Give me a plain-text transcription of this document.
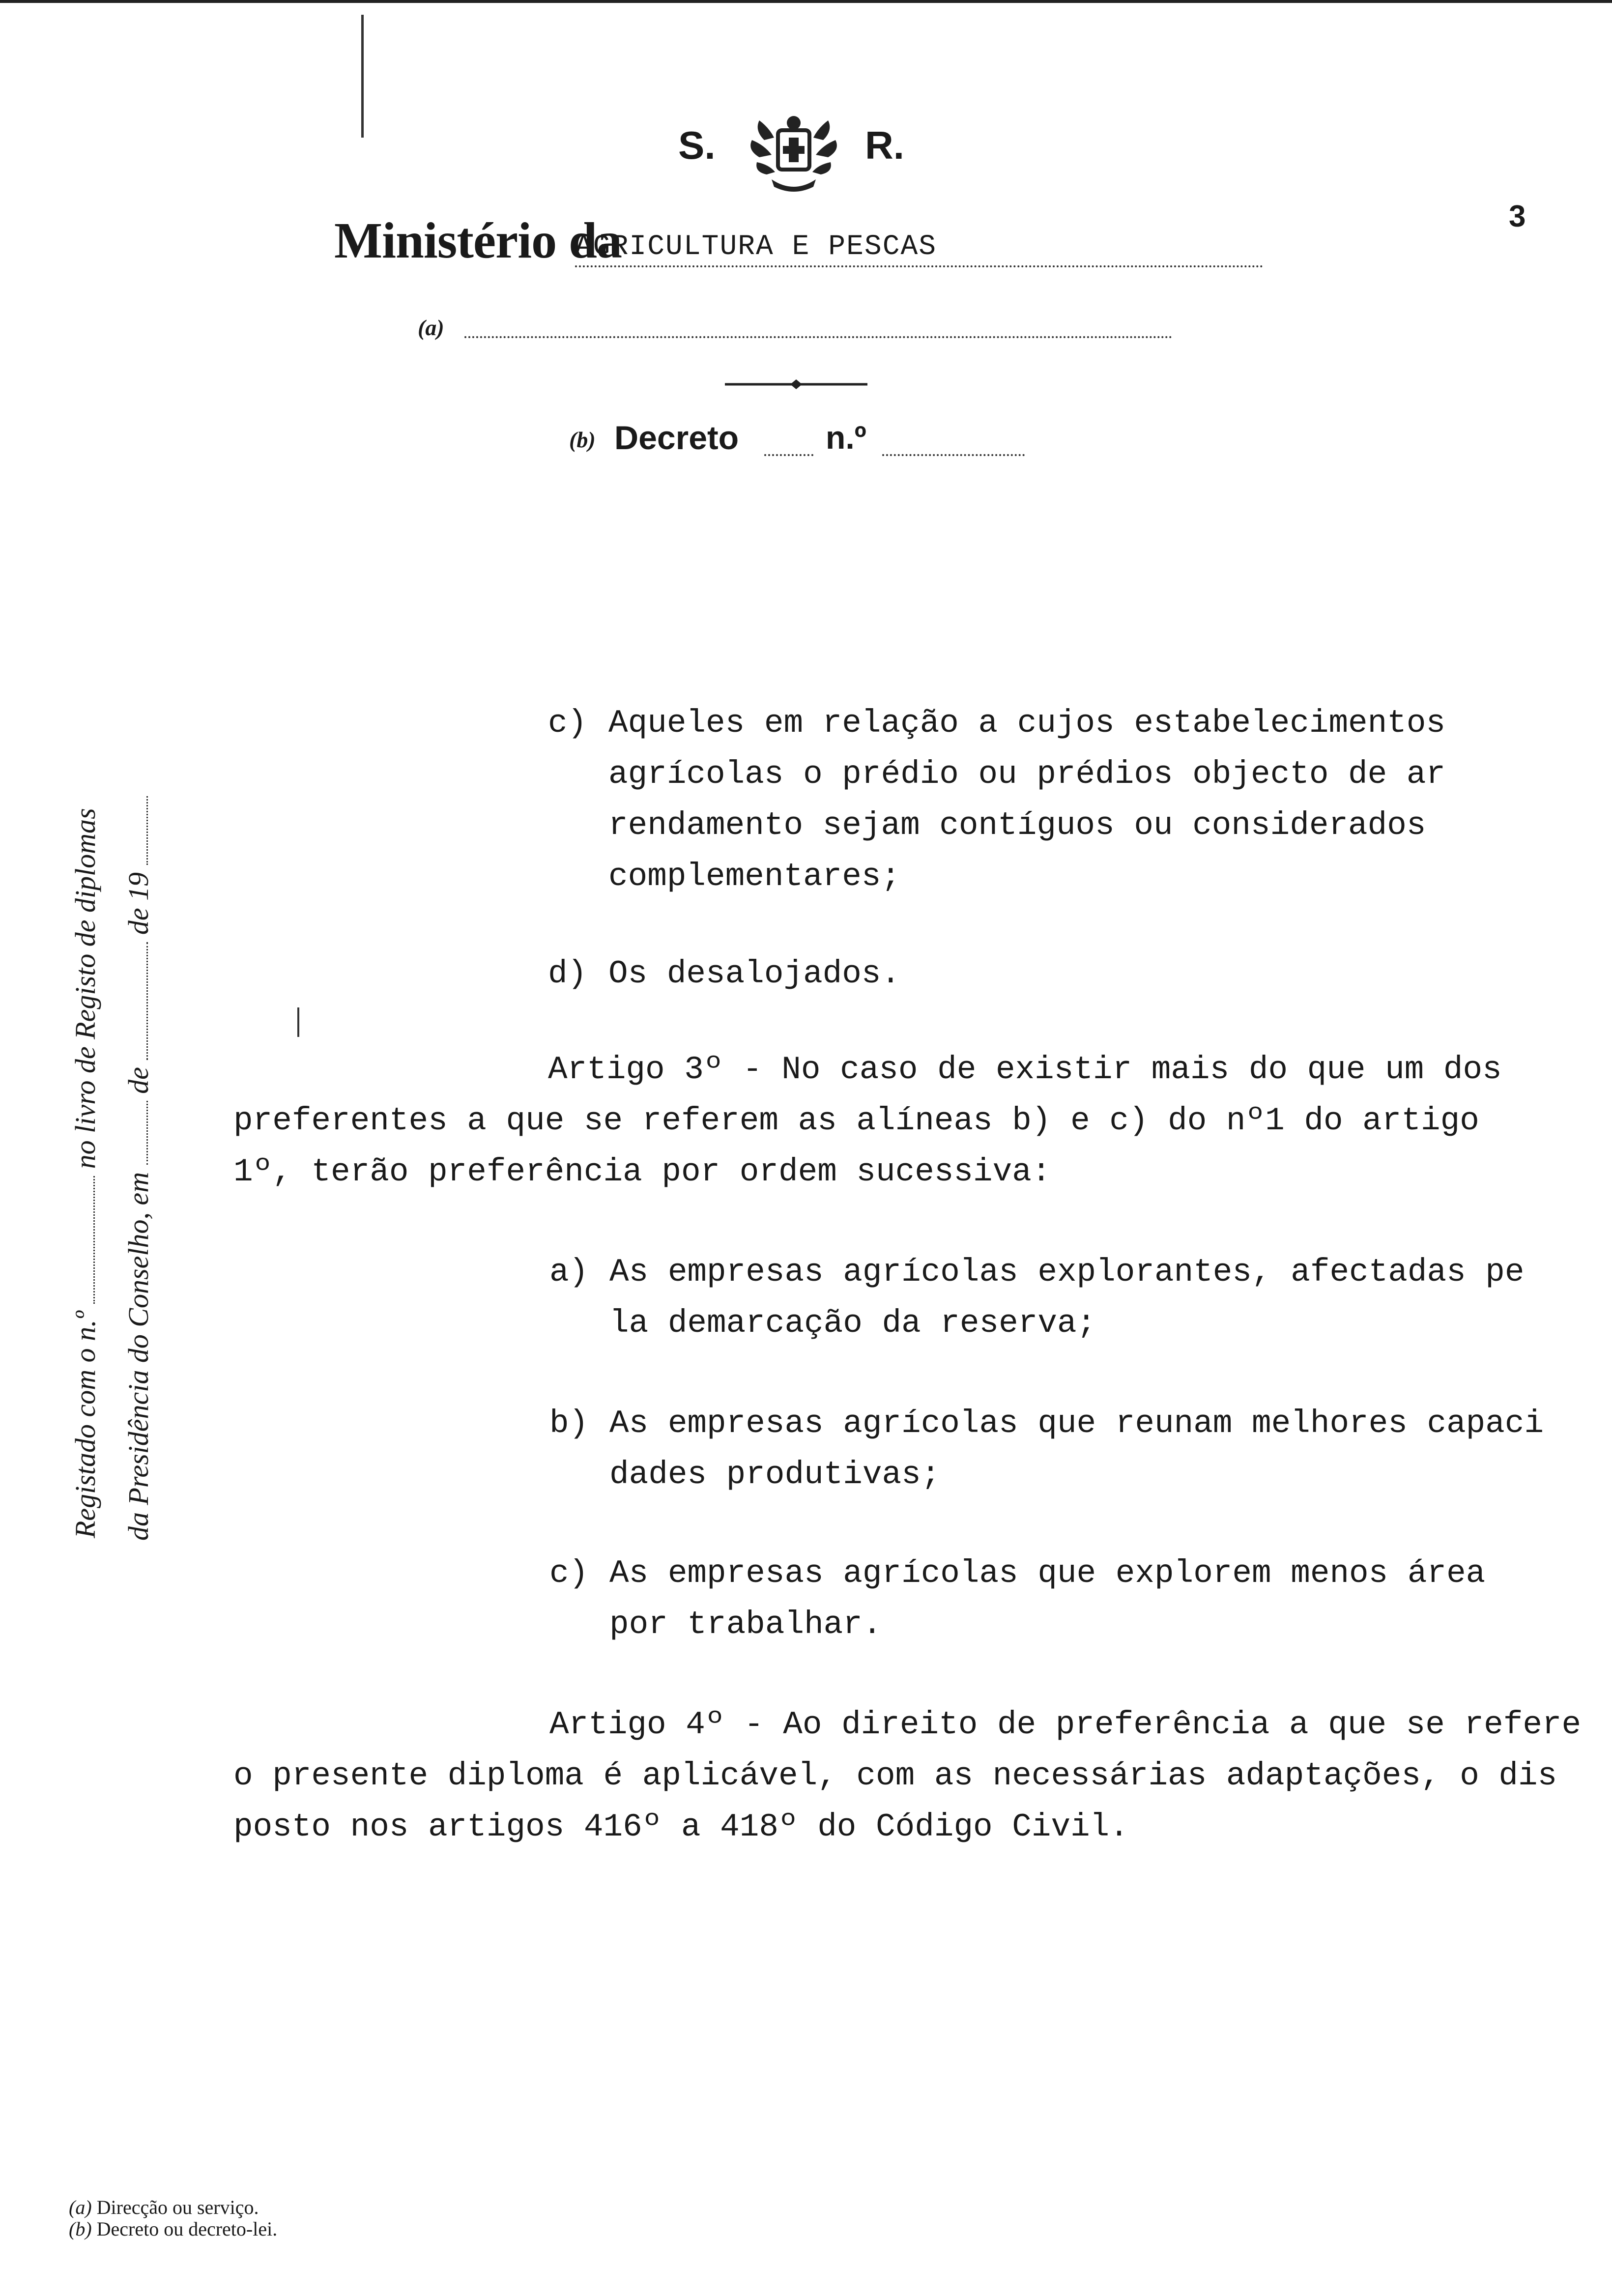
S.	R.
3
Ministério da
AGRICULTURA E PESCAS
(a)
(b) Decreto	n.º
Registado com o n.º  no livro de Registo de diplomas
da Presidência do Conselho, em  de  de 19
c) Aqueles em relação a cujos estabelecimentos
agrícolas o prédio ou prédios objecto de ar
rendamento sejam contíguos ou considerados
complementares;
d) Os desalojados.
Artigo 3º - No caso de existir mais do que um dos
preferentes a que se referem as alíneas b) e c) do nº1 do artigo
1º, terão preferência por ordem sucessiva:
a) As empresas agrícolas explorantes, afectadas pe
la demarcação da reserva;
b) As empresas agrícolas que reunam melhores capaci
dades produtivas;
c) As empresas agrícolas que explorem menos área
por trabalhar.
Artigo 4º - Ao direito de preferência a que se refere
o presente diploma é aplicável, com as necessárias adaptações, o dis
posto nos artigos 416º a 418º do Código Civil.
(a) Direcção ou serviço.
(b) Decreto ou decreto-lei.
